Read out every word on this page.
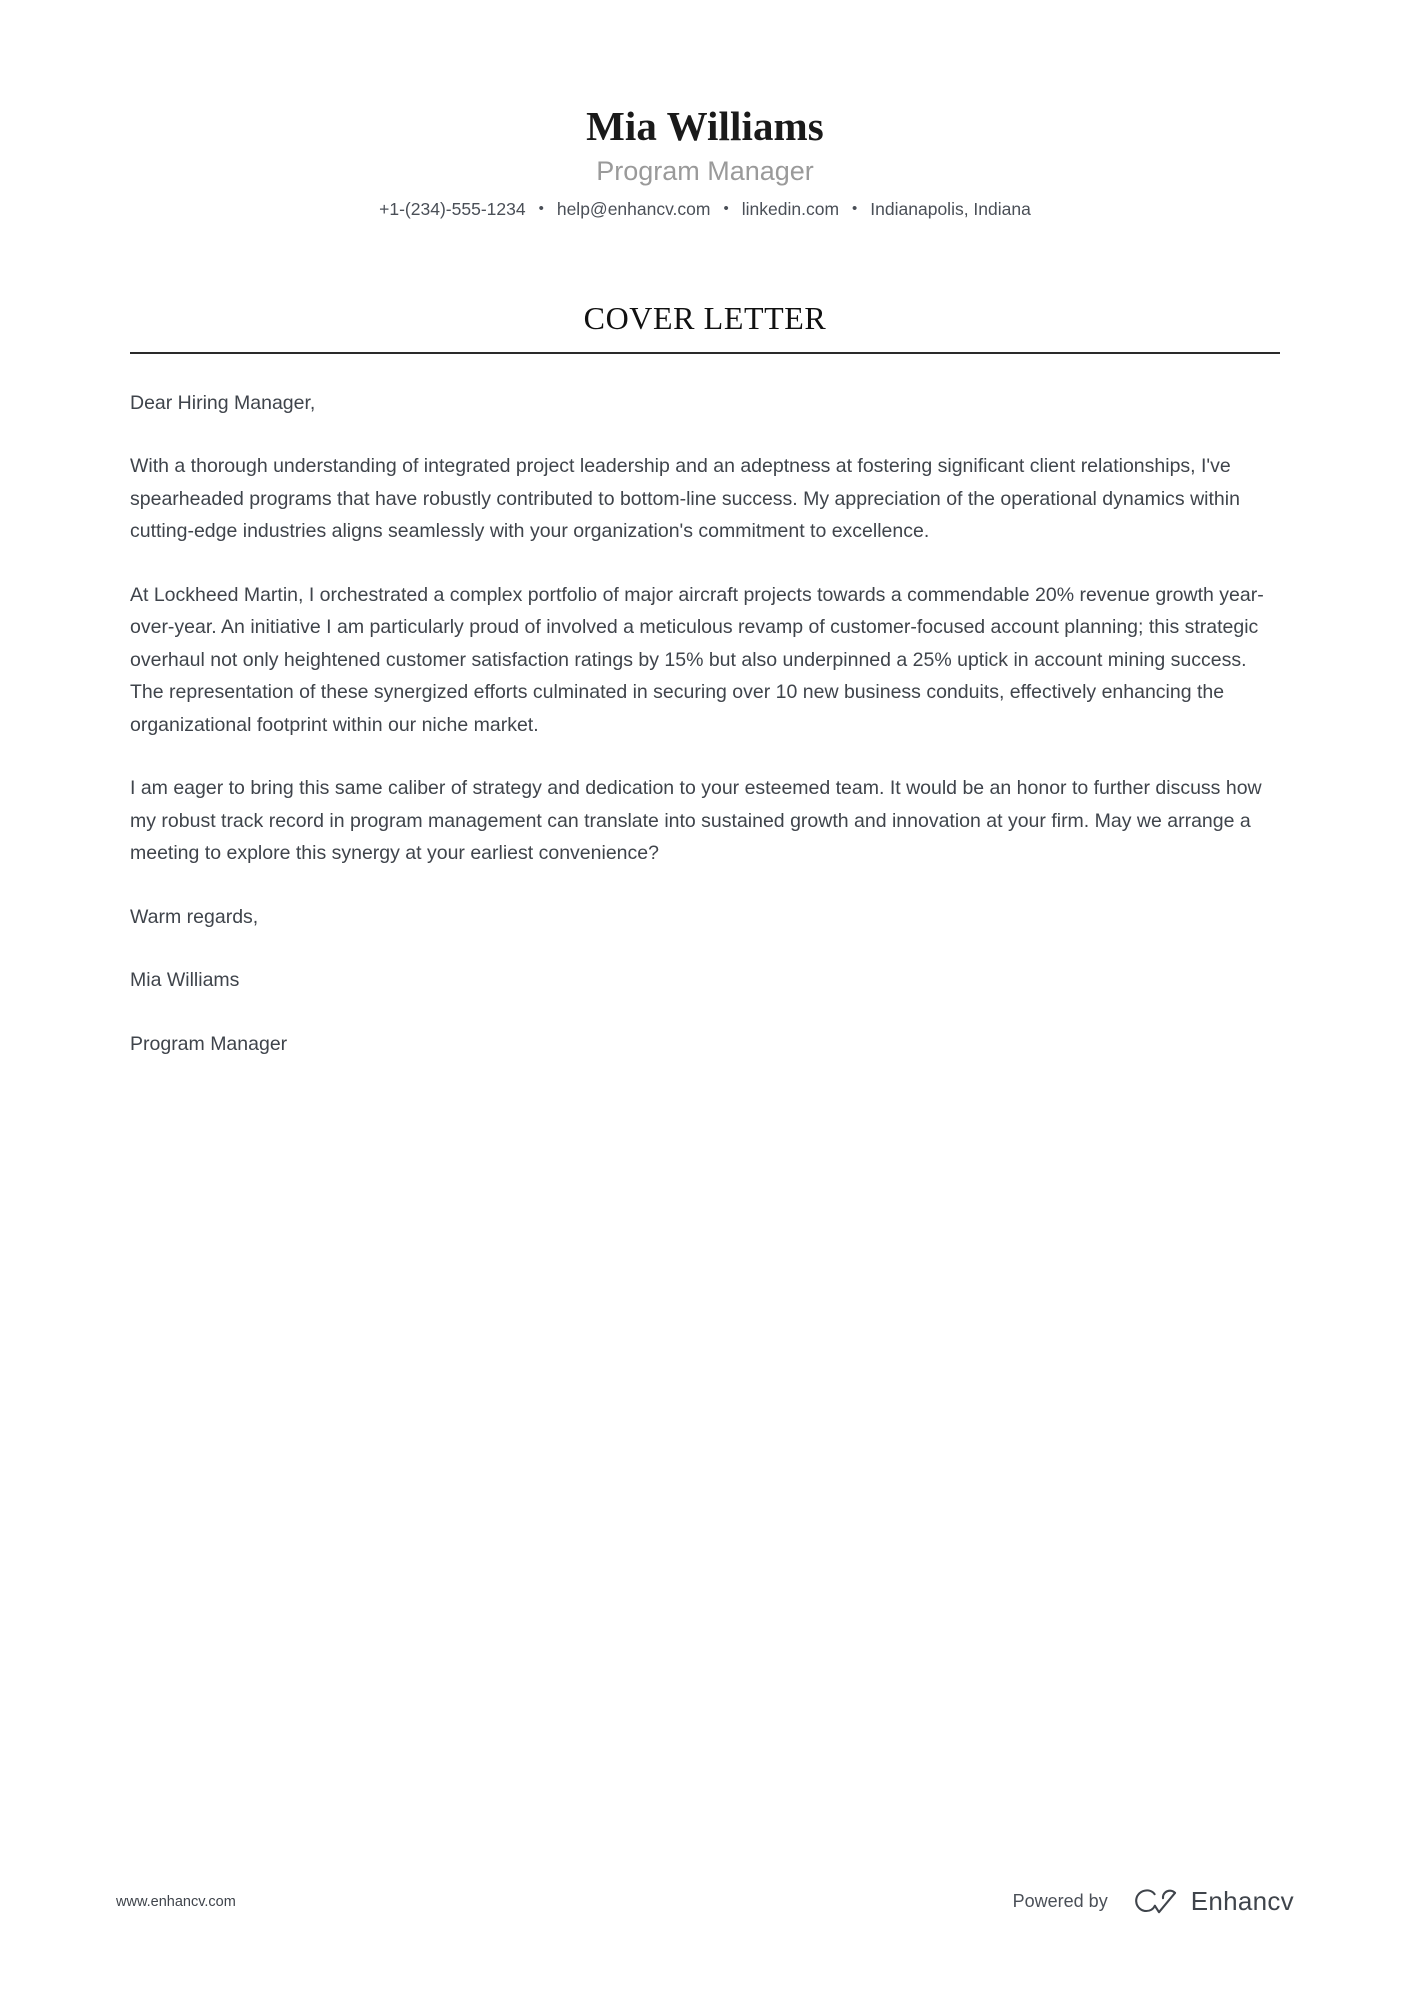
Mia Williams
Program Manager
+1-(234)-555-1234 • help@enhancv.com • linkedin.com • Indianapolis, Indiana
COVER LETTER

Dear Hiring Manager,

With a thorough understanding of integrated project leadership and an adeptness at fostering significant client relationships, I've spearheaded programs that have robustly contributed to bottom-line success. My appreciation of the operational dynamics within cutting-edge industries aligns seamlessly with your organization's commitment to excellence.

At Lockheed Martin, I orchestrated a complex portfolio of major aircraft projects towards a commendable 20% revenue growth year-over-year. An initiative I am particularly proud of involved a meticulous revamp of customer-focused account planning; this strategic overhaul not only heightened customer satisfaction ratings by 15% but also underpinned a 25% uptick in account mining success. The representation of these synergized efforts culminated in securing over 10 new business conduits, effectively enhancing the organizational footprint within our niche market.

I am eager to bring this same caliber of strategy and dedication to your esteemed team. It would be an honor to further discuss how my robust track record in program management can translate into sustained growth and innovation at your firm. May we arrange a meeting to explore this synergy at your earliest convenience?

Warm regards,

Mia Williams

Program Manager

www.enhancv.com	Powered by	Enhancv
